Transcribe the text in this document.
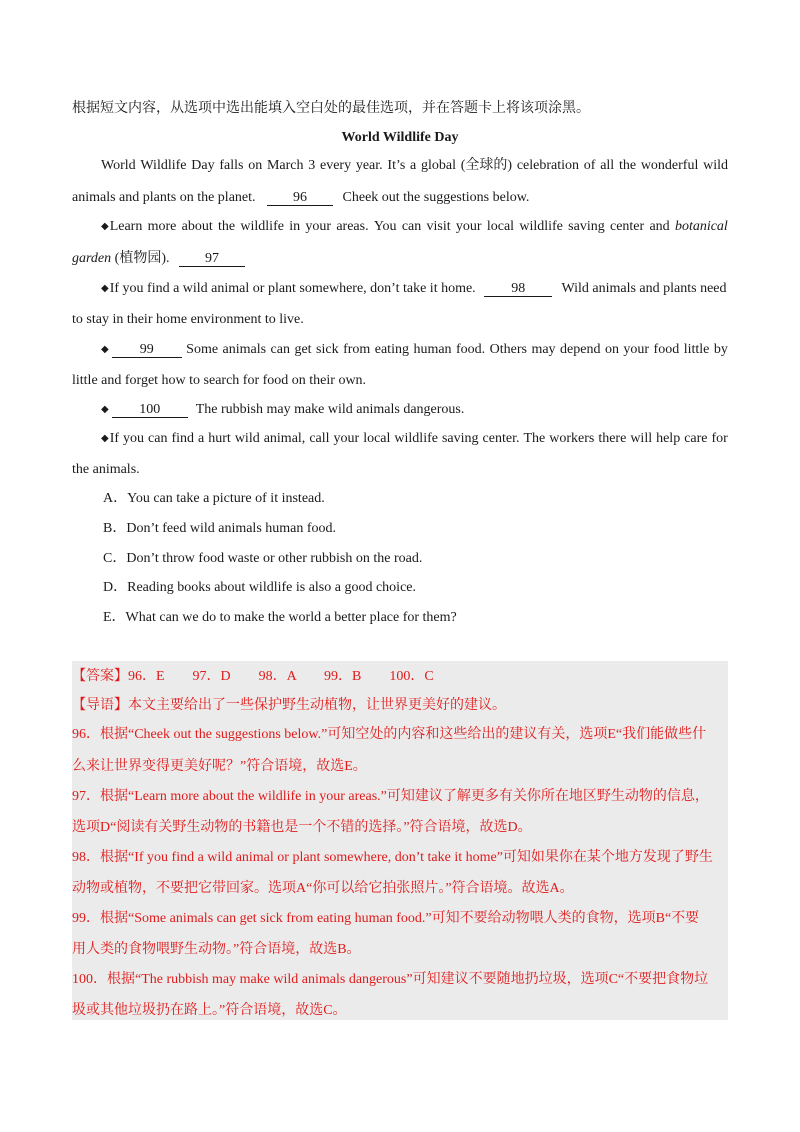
根据短文内容，从选项中选出能填入空白处的最佳选项，并在答题卡上将该项涂黑。
World Wildlife Day
World Wildlife Day falls on March 3 every year. It’s a global (全球的) celebration of all the wonderful wild
animals and plants on the planet.	96	Cheek out the suggestions below.
◆Learn more about the wildlife in your areas. You can visit your local wildlife saving center and botanical
garden (植物园).	97
◆If you find a wild animal or plant somewhere, don’t take it home.	98	Wild animals and plants need
to stay in their home environment to live.
◆ 99	Some animals can get sick from eating human food. Others may depend on your food little by
little and forget how to search for food on their own.
◆ 100	The rubbish may make wild animals dangerous.
◆If you can find a hurt wild animal, call your local wildlife saving center. The workers there will help care for
the animals.
A．You can take a picture of it instead.
B．Don’t feed wild animals human food.
C．Don’t throw food waste or other rubbish on the road.
D．Reading books about wildlife is also a good choice.
E．What can we do to make the world a better place for them?
【答案】96．E　　97．D　　98．A　　99．B　　100．C
【导语】本文主要给出了一些保护野生动植物，让世界更美好的建议。
96．根据“Cheek out the suggestions below.”可知空处的内容和这些给出的建议有关，选项E“我们能做些什
么来让世界变得更美好呢？”符合语境，故选E。
97．根据“Learn more about the wildlife in your areas.”可知建议了解更多有关你所在地区野生动物的信息，
选项D“阅读有关野生动物的书籍也是一个不错的选择。”符合语境，故选D。
98．根据“If you find a wild animal or plant somewhere, don’t take it home”可知如果你在某个地方发现了野生
动物或植物，不要把它带回家。选项A“你可以给它拍张照片。”符合语境。故选A。
99．根据“Some animals can get sick from eating human food.”可知不要给动物喂人类的食物，选项B“不要
用人类的食物喂野生动物。”符合语境，故选B。
100．根据“The rubbish may make wild animals dangerous”可知建议不要随地扔垃圾，选项C“不要把食物垃
圾或其他垃圾扔在路上。”符合语境，故选C。
